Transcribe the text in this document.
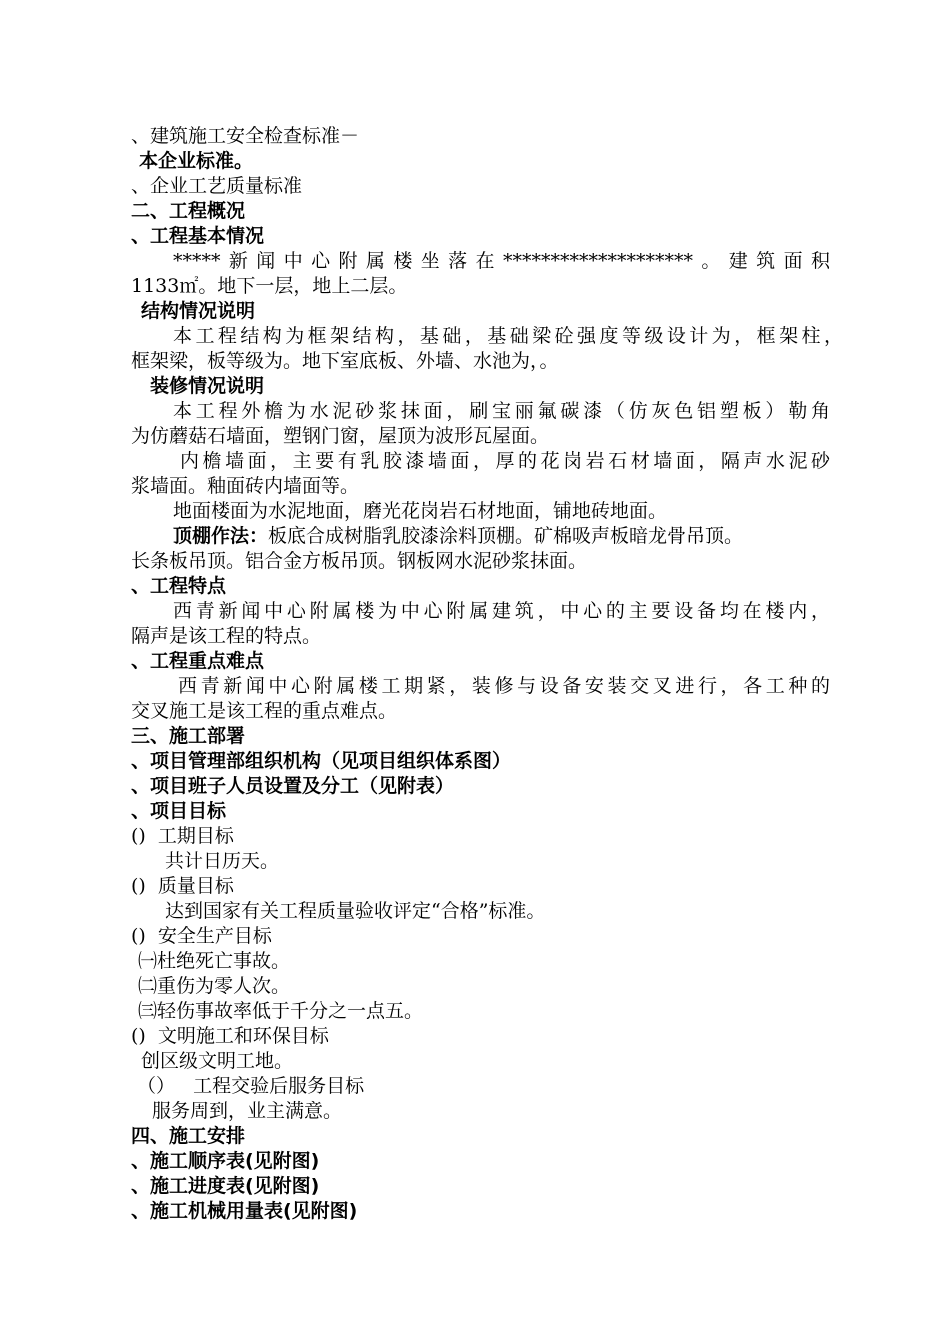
、建筑施工安全检查标准－
本企业标准。
、企业工艺质量标准
二、工程概况
、工程基本情况
*****新闻中心附属楼坐落在********************。建筑面积
1133㎡。地下一层，地上二层。
结构情况说明
本工程结构为框架结构，基础，基础梁砼强度等级设计为，框架柱，
框架梁，板等级为。地下室底板、外墙、水池为，。
装修情况说明
本工程外檐为水泥砂浆抹面，刷宝丽氟碳漆（仿灰色铝塑板）勒角
为仿蘑菇石墙面，塑钢门窗，屋顶为波形瓦屋面。
内檐墙面，主要有乳胶漆墙面，厚的花岗岩石材墙面，隔声水泥砂
浆墙面。釉面砖内墙面等。
地面楼面为水泥地面，磨光花岗岩石材地面，铺地砖地面。
顶棚作法：板底合成树脂乳胶漆涂料顶棚。矿棉吸声板暗龙骨吊顶。
长条板吊顶。铝合金方板吊顶。钢板网水泥砂浆抹面。
、工程特点
西青新闻中心附属楼为中心附属建筑，中心的主要设备均在楼内，
隔声是该工程的特点。
、工程重点难点
西青新闻中心附属楼工期紧，装修与设备安装交叉进行，各工种的
交叉施工是该工程的重点难点。
三、施工部署
、项目管理部组织机构（见项目组织体系图）
、项目班子人员设置及分工（见附表）
、项目目标
()  工期目标
共计日历天。
()  质量目标
达到国家有关工程质量验收评定“合格”标准。
()  安全生产目标
㈠杜绝死亡事故。
㈡重伤为零人次。
㈢轻伤事故率低于千分之一点五。
()  文明施工和环保目标
创区级文明工地。
（）   工程交验后服务目标
服务周到，业主满意。
四、施工安排
、施工顺序表(见附图)
、施工进度表(见附图)
、施工机械用量表(见附图)
